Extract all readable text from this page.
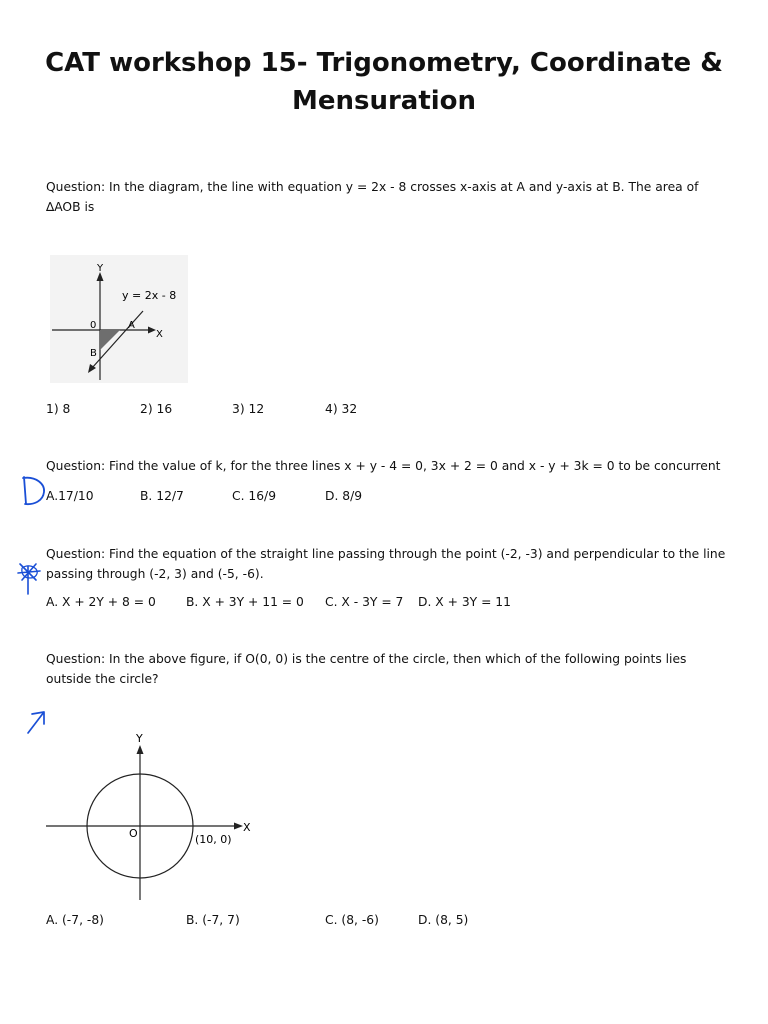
CAT workshop 15- Trigonometry, Coordinate & Mensuration
Question: In the diagram, the line with equation y = 2x - 8 crosses x-axis at A and y-axis at B. The area of ∆AOB is
Y
X
y = 2x - 8
0	A
B
1) 8	2) 16	3) 12	4) 32
Question: Find the value of k, for the three lines x + y - 4 = 0, 3x + 2 = 0 and x - y + 3k = 0 to be concurrent
A.17/10	B. 12/7	C. 16/9	D. 8/9
Question: Find the equation of the straight line passing through the point (-2, -3) and perpendicular to the line passing through (-2, 3) and (-5, -6).
A. X + 2Y + 8 = 0 B. X + 3Y + 11 = 0 C. X - 3Y = 7 D. X + 3Y = 11
Question: In the above figure, if O(0, 0) is the centre of the circle, then which of the following points lies outside the circle?
Y
X
O	(10, 0)
A. (-7, -8)	B. (-7, 7)	C. (8, -6)	D. (8, 5)
